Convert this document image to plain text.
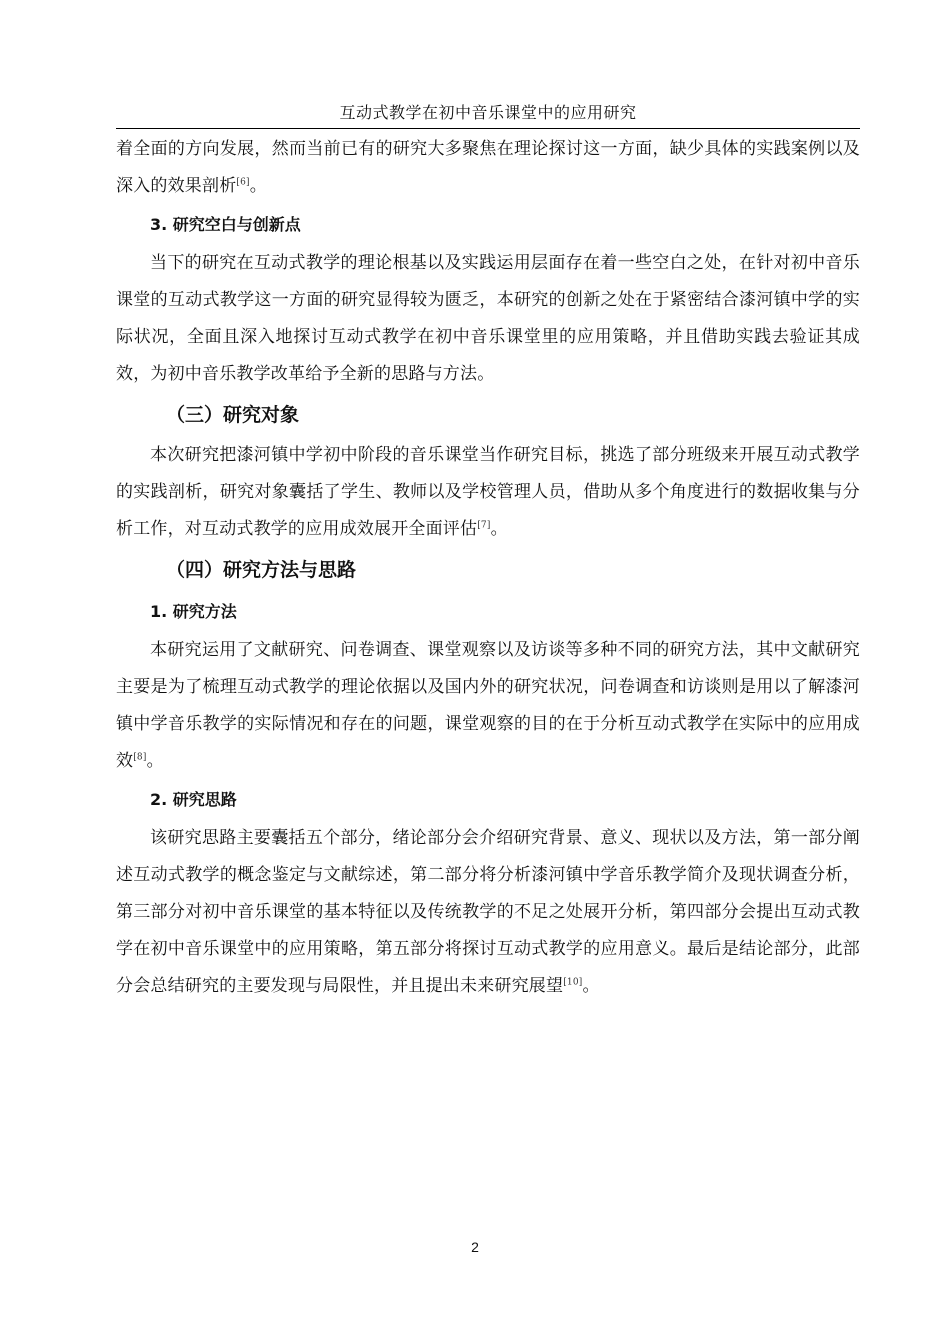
互动式教学在初中音乐课堂中的应用研究

着全面的方向发展，然而当前已有的研究大多聚焦在理论探讨这一方面，缺少具体的实践案例以及深入的效果剖析[6]。

3. 研究空白与创新点

当下的研究在互动式教学的理论根基以及实践运用层面存在着一些空白之处，在针对初中音乐课堂的互动式教学这一方面的研究显得较为匮乏，本研究的创新之处在于紧密结合漆河镇中学的实际状况，全面且深入地探讨互动式教学在初中音乐课堂里的应用策略，并且借助实践去验证其成效，为初中音乐教学改革给予全新的思路与方法。

（三）研究对象

本次研究把漆河镇中学初中阶段的音乐课堂当作研究目标，挑选了部分班级来开展互动式教学的实践剖析，研究对象囊括了学生、教师以及学校管理人员，借助从多个角度进行的数据收集与分析工作，对互动式教学的应用成效展开全面评估[7]。

（四）研究方法与思路
1. 研究方法

本研究运用了文献研究、问卷调查、课堂观察以及访谈等多种不同的研究方法，其中文献研究主要是为了梳理互动式教学的理论依据以及国内外的研究状况，问卷调查和访谈则是用以了解漆河镇中学音乐教学的实际情况和存在的问题，课堂观察的目的在于分析互动式教学在实际中的应用成效[8]。

2. 研究思路

该研究思路主要囊括五个部分，绪论部分会介绍研究背景、意义、现状以及方法，第一部分阐述互动式教学的概念鉴定与文献综述，第二部分将分析漆河镇中学音乐教学简介及现状调查分析，第三部分对初中音乐课堂的基本特征以及传统教学的不足之处展开分析，第四部分会提出互动式教学在初中音乐课堂中的应用策略，第五部分将探讨互动式教学的应用意义。最后是结论部分，此部分会总结研究的主要发现与局限性，并且提出未来研究展望[10]。

2
